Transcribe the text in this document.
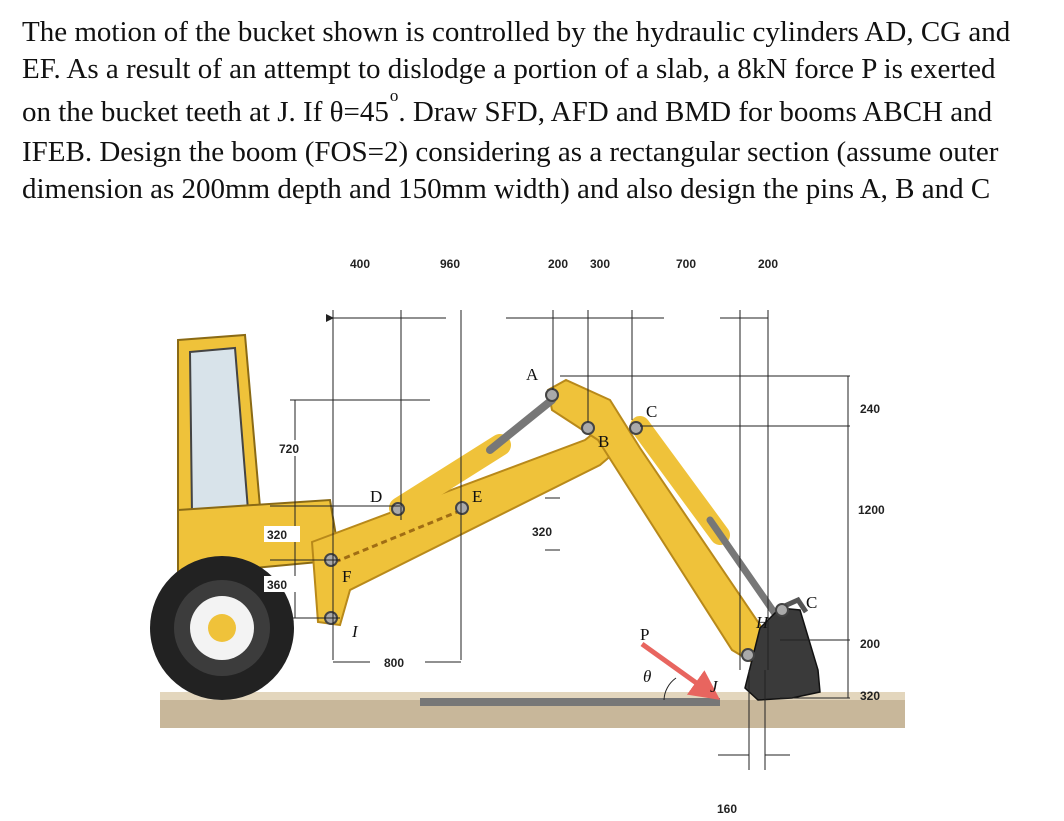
The motion of the bucket shown is controlled by the hydraulic cylinders AD, CG and

EF. As a result of an attempt to dislodge a portion of a slab, a 8kN force P is exerted

on the bucket teeth at J. If $\theta=45^o$. Draw SFD, AFD and BMD for booms ABCH and

IFEB. Design the boom (FOS=2) considering as a rectangular section (assume outer

dimension as 200mm depth and 150mm width) and also design the pins A, B and C

P
θ
A
B
C
D	E
F
I	H
C
J
400	960	200 300	700	200
720
320
360
240
1200
200
320
320
800
160
